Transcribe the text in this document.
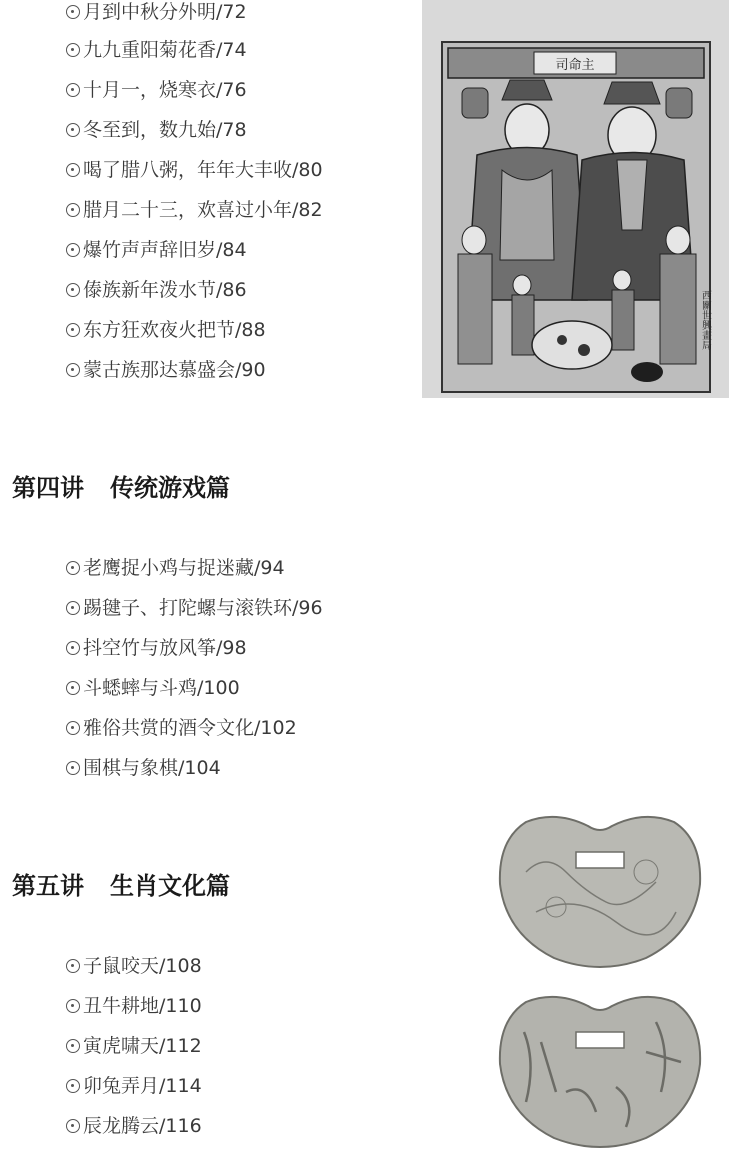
月到中秋分外明/72
九九重阳菊花香/74
十月一，烧寒衣/76
冬至到，数九始/78
喝了腊八粥，年年大丰收/80
腊月二十三，欢喜过小年/82
爆竹声声辞旧岁/84
傣族新年泼水节/86
东方狂欢夜火把节/88
蒙古族那达慕盛会/90
司命主
西關世興畫局
第四讲 传统游戏篇
老鹰捉小鸡与捉迷藏/94
踢毽子、打陀螺与滚铁环/96
抖空竹与放风筝/98
斗蟋蟀与斗鸡/100
雅俗共赏的酒令文化/102
围棋与象棋/104
第五讲 生肖文化篇
子鼠咬天/108
丑牛耕地/110
寅虎啸天/112
卯兔弄月/114
辰龙腾云/116
